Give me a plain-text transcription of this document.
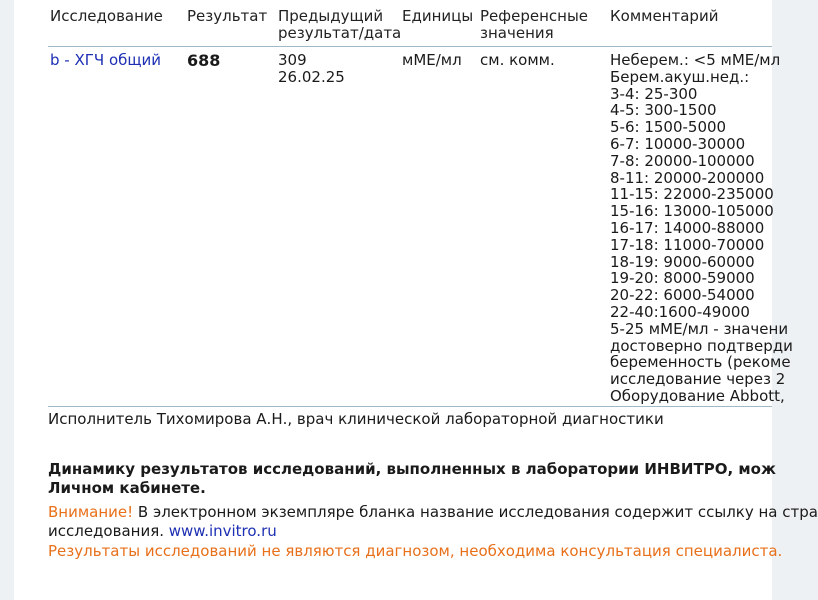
Исследование Результат Предыдущий
результат/дата
Единицы Референсные
значения
Комментарий
b - ХГЧ общий 688	309
26.02.25
мМЕ/мл см. комм.	Неберем.: <5 мМЕ/мл
Берем.акуш.нед.:
3-4: 25-300
4-5: 300-1500
5-6: 1500-5000
6-7: 10000-30000
7-8: 20000-100000
8-11: 20000-200000
11-15: 22000-235000
15-16: 13000-105000
16-17: 14000-88000
17-18: 11000-70000
18-19: 9000-60000
19-20: 8000-59000
20-22: 6000-54000
22-40:1600-49000
5-25 мМЕ/мл - значени
достоверно подтверди
беременность (рекоме
исследование через 2
Оборудование Abbott,
Исполнитель Тихомирова А.Н., врач клинической лабораторной диагностики
Динамику результатов исследований, выполненных в лаборатории ИНВИТРО, мож
Личном кабинете.
Внимание! В электронном экземпляре бланка название исследования содержит ссылку на стра
исследования. www.invitro.ru
Результаты исследований не являются диагнозом, необходима консультация специалиста.
